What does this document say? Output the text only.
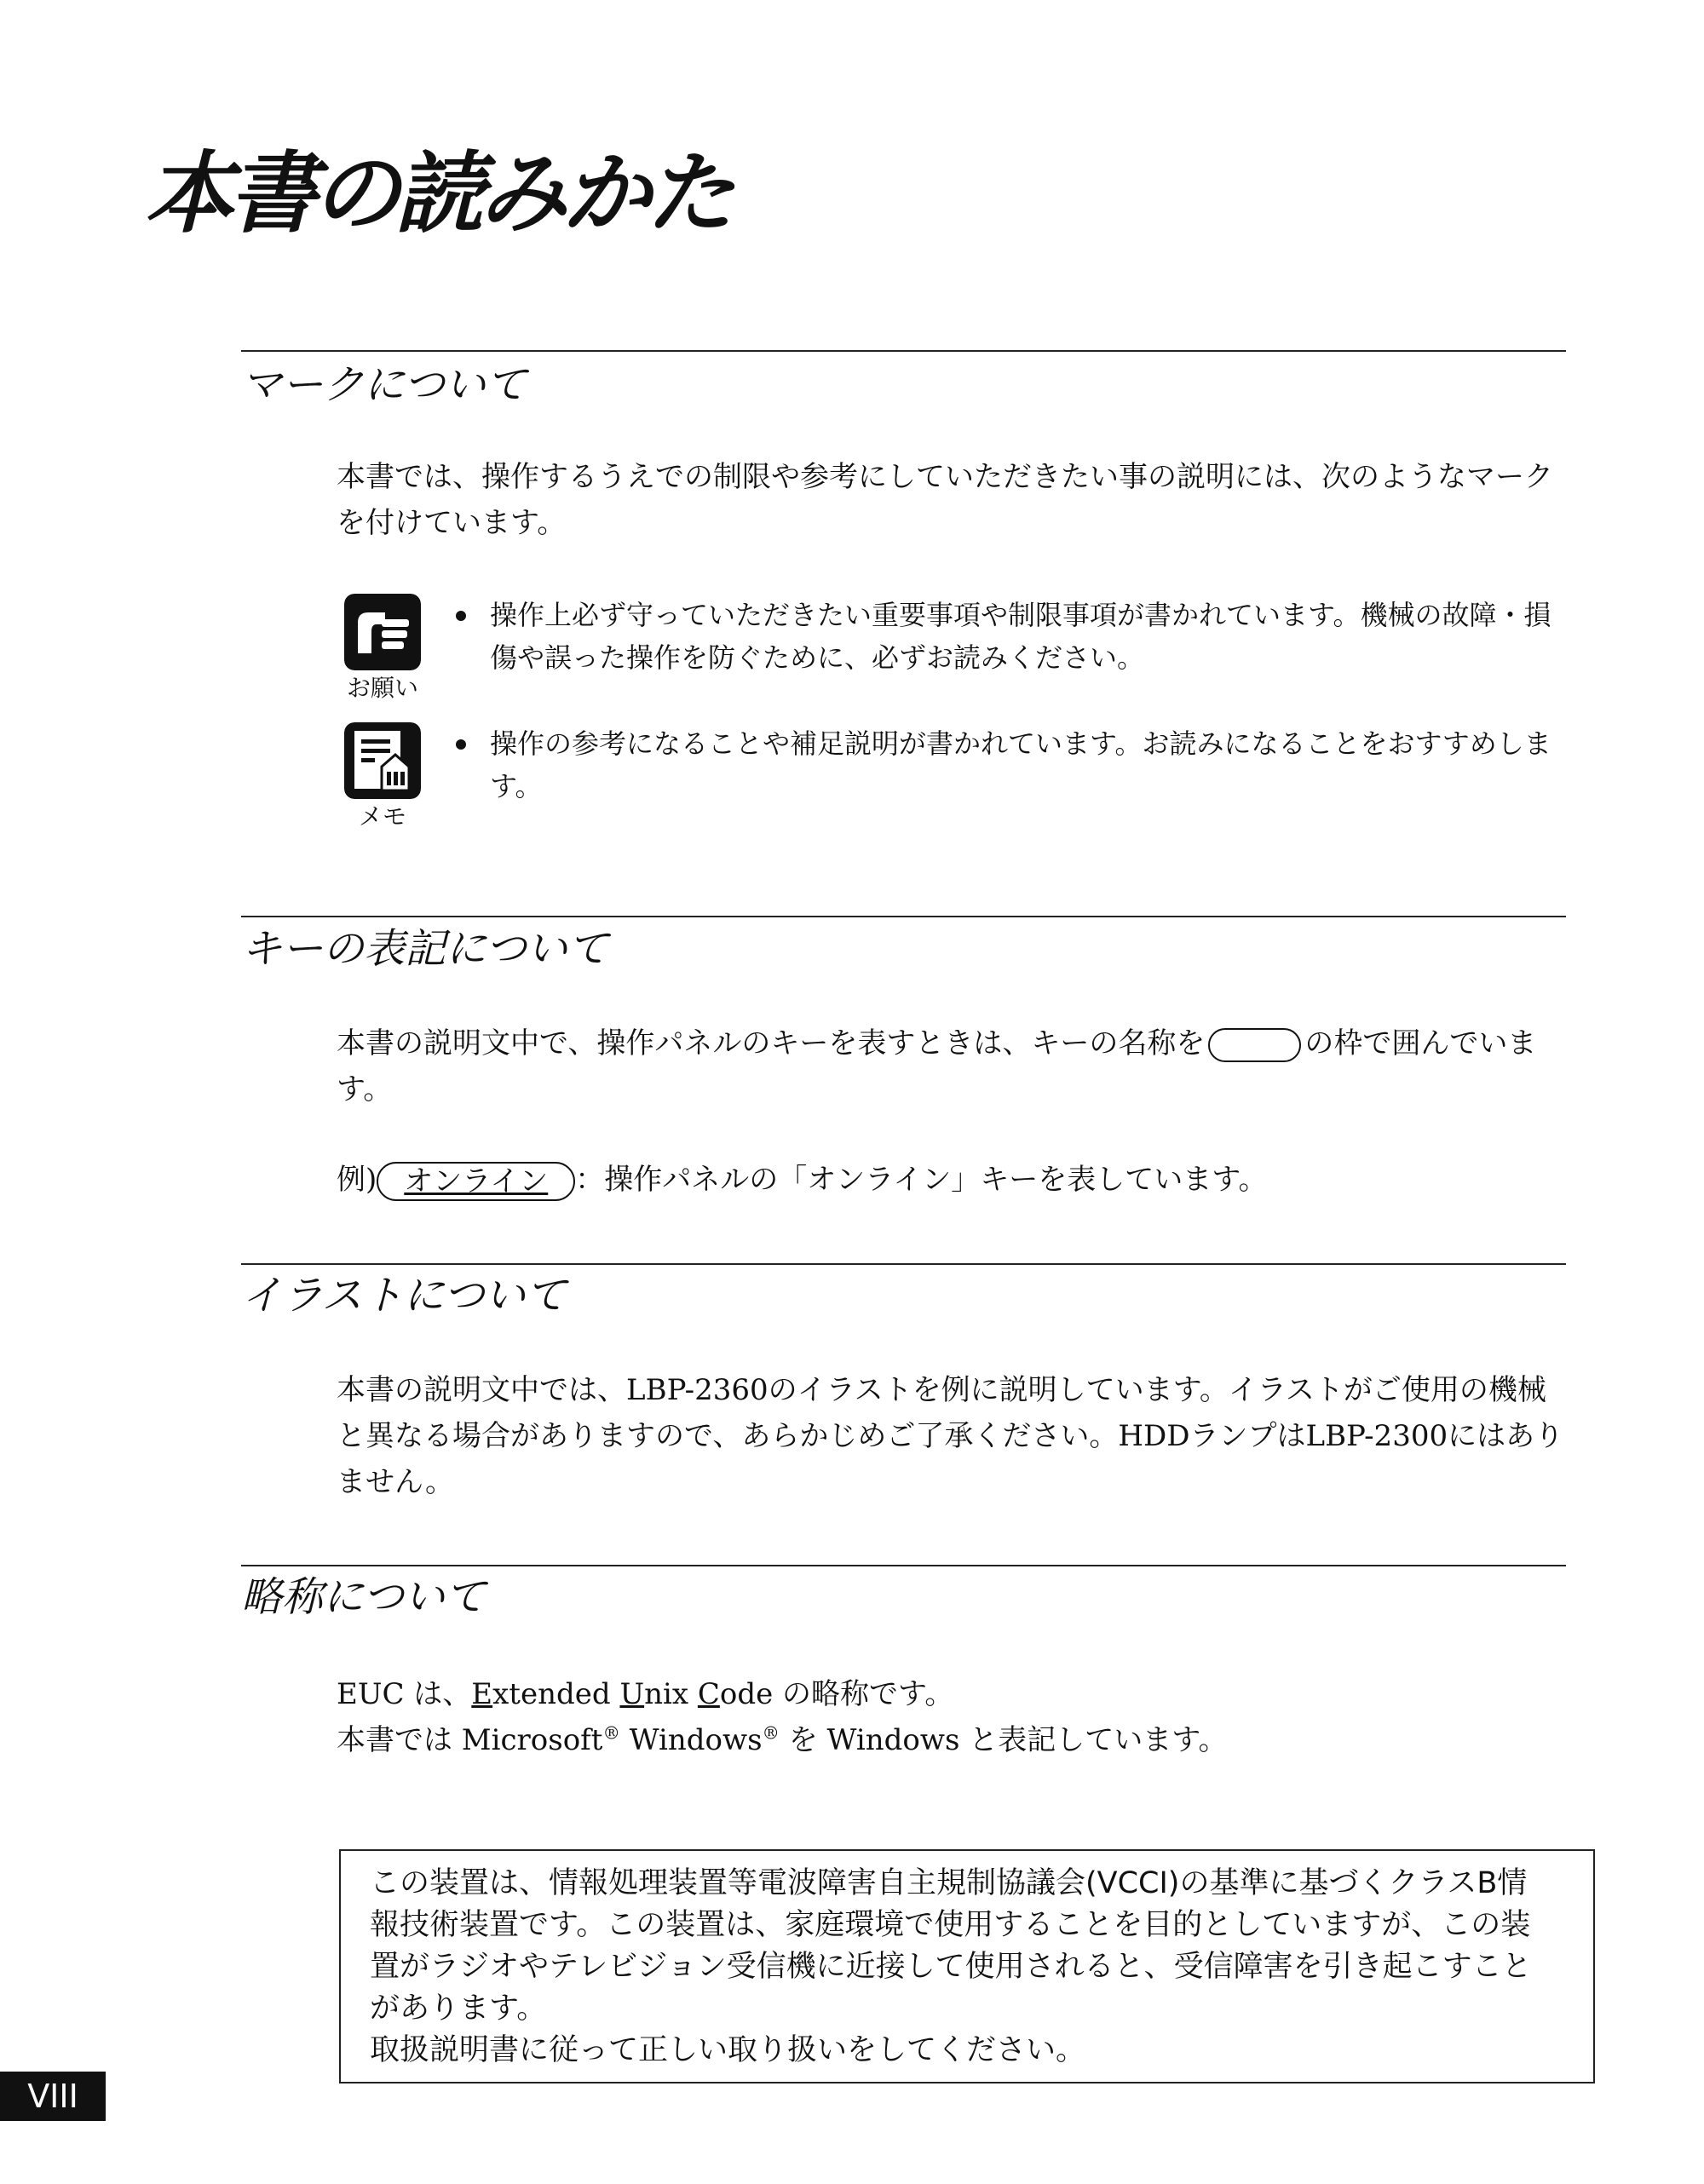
本書の読みかた
マークについて

本書では、操作するうえでの制限や参考にしていただきたい事の説明には、次のようなマークを付けています。

お願い
操作上必ず守っていただきたい重要事項や制限事項が書かれています。機械の故障・損傷や誤った操作を防ぐために、必ずお読みください。
メモ
操作の参考になることや補足説明が書かれています。お読みになることをおすすめします。
キーの表記について

本書の説明文中で、操作パネルのキーを表すときは、キーの名称を	の枠で囲んでいます。

例) オンライン ：操作パネルの「オンライン」キーを表しています。

イラストについて

本書の説明文中では、LBP-2360のイラストを例に説明しています。イラストがご使用の機械と異なる場合がありますので、あらかじめご了承ください。HDDランプはLBP-2300にはありません。

略称について

EUC は、Extended Unix Code の略称です。
本書では Microsoft® Windows® を Windows と表記しています。

この装置は、情報処理装置等電波障害自主規制協議会(VCCI)の基準に基づくクラスB情

報技術装置です。この装置は、家庭環境で使用することを目的としていますが、この装

置がラジオやテレビジョン受信機に近接して使用されると、受信障害を引き起こすこと

があります。

取扱説明書に従って正しい取り扱いをしてください。

VIII
